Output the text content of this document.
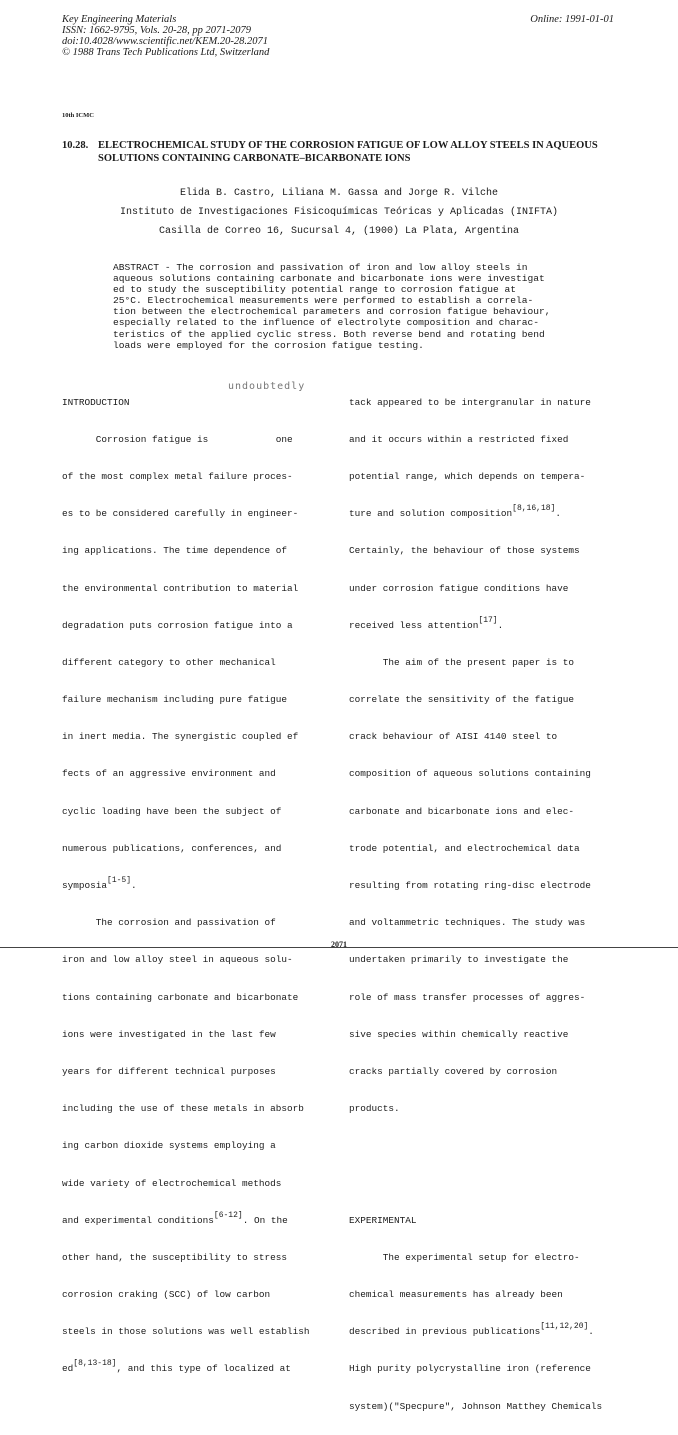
Key Engineering Materials
ISSN: 1662-9795, Vols. 20-28, pp 2071-2079
doi:10.4028/www.scientific.net/KEM.20-28.2071
© 1988 Trans Tech Publications Ltd, Switzerland
Online: 1991-01-01
10th ICMC
10.28. ELECTROCHEMICAL STUDY OF THE CORROSION FATIGUE OF LOW ALLOY STEELS IN AQUEOUS
SOLUTIONS CONTAINING CARBONATE–BICARBONATE IONS
Elida B. Castro, Liliana M. Gassa and Jorge R. Vilche
Instituto de Investigaciones Fisicoquímicas Teóricas y Aplicadas (INIFTA)
Casilla de Correo 16, Sucursal 4, (1900) La Plata, Argentina
ABSTRACT - The corrosion and passivation of iron and low alloy steels in
aqueous solutions containing carbonate and bicarbonate ions were investigat
ed to study the susceptibility potential range to corrosion fatigue at
25°C. Electrochemical measurements were performed to establish a correla-
tion between the electrochemical parameters and corrosion fatigue behaviour,
especially related to the influence of electrolyte composition and charac-
teristics of the applied cyclic stress. Both reverse bend and rotating bend
loads were employed for the corrosion fatigue testing.
undoubtedly

INTRODUCTION

Corrosion fatigue is            one

of the most complex metal failure proces-

es to be considered carefully in engineer-

ing applications. The time dependence of

the environmental contribution to material

degradation puts corrosion fatigue into a

different category to other mechanical

failure mechanism including pure fatigue

in inert media. The synergistic coupled ef

fects of an aggressive environment and

cyclic loading have been the subject of

numerous publications, conferences, and

symposia[1-5].

The corrosion and passivation of

iron and low alloy steel in aqueous solu-

tions containing carbonate and bicarbonate

ions were investigated in the last few

years for different technical purposes

including the use of these metals in absorb

ing carbon dioxide systems employing a

wide variety of electrochemical methods

and experimental conditions[6-12]. On the

other hand, the susceptibility to stress

corrosion craking (SCC) of low carbon

steels in those solutions was well establish

ed[8,13-18], and this type of localized at

tack appeared to be intergranular in nature

and it occurs within a restricted fixed

potential range, which depends on tempera-

ture and solution composition[8,16,18].

Certainly, the behaviour of those systems

under corrosion fatigue conditions have

received less attention[17].

The aim of the present paper is to

correlate the sensitivity of the fatigue

crack behaviour of AISI 4140 steel to

composition of aqueous solutions containing

carbonate and bicarbonate ions and elec-

trode potential, and electrochemical data

resulting from rotating ring-disc electrode

and voltammetric techniques. The study was

undertaken primarily to investigate the

role of mass transfer processes of aggres-

sive species within chemically reactive

cracks partially covered by corrosion

products.

EXPERIMENTAL

The experimental setup for electro-

chemical measurements has already been

described in previous publications[11,12,20].

High purity polycrystalline iron (reference

system)("Specpure", Johnson Matthey Chemicals

2071
